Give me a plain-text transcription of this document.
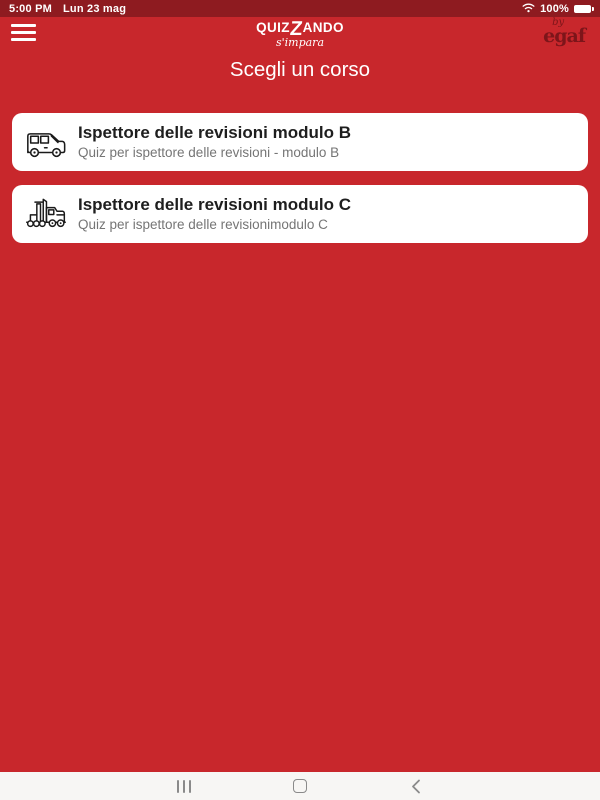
5:00 PM Lun 23 mag	100%
QUIZ
Z
ANDO
s'impara
by
egaf
Scegli un corso
Ispettore delle revisioni modulo B
Quiz per ispettore delle revisioni - modulo B
Ispettore delle revisioni modulo C
Quiz per ispettore delle revisionimodulo C
